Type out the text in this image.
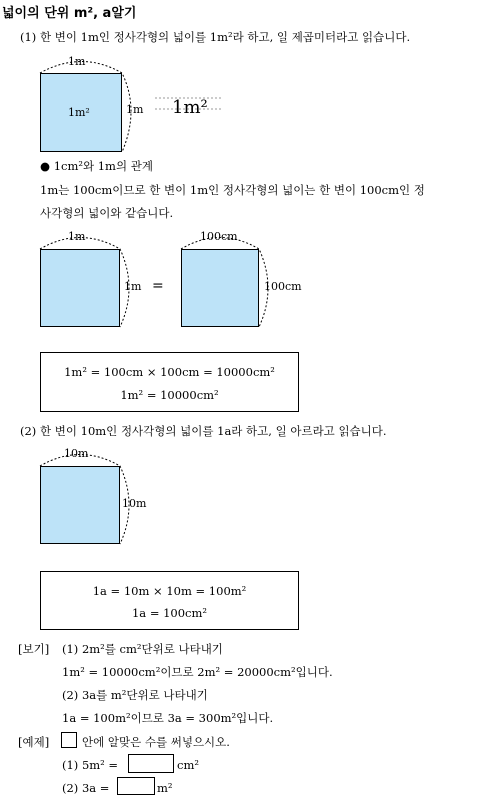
넓이의 단위 m², a알기
(1) 한 변이 1m인 정사각형의 넓이를 1m²라 하고, 일 제곱미터라고 읽습니다.
1m
1m
1m²	1m²
● 1cm²와 1m의 관계
1m는 100cm이므로 한 변이 1m인 정사각형의 넓이는 한 변이 100cm인 정
사각형의 넓이와 같습니다.
1m
1m =
100cm
100cm
1m² = 100cm × 100cm = 10000cm²
1m² = 10000cm²
(2) 한 변이 10m인 정사각형의 넓이를 1a라 하고, 일 아르라고 읽습니다.
10m
10m
1a = 10m × 10m = 100m²
1a = 100cm²
[보기] (1) 2m²를 cm²단위로 나타내기
1m² = 10000cm²이므로 2m² = 20000cm²입니다.
(2) 3a를 m²단위로 나타내기
1a = 100m²이므로 3a = 300m²입니다.
[예제]	안에 알맞은 수를 써넣으시오.
(1) 5m² =	cm²
(2) 3a =	m²
